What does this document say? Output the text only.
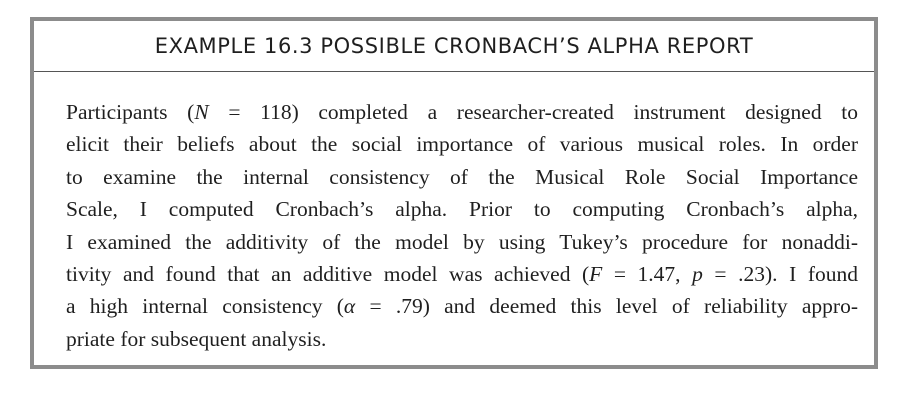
EXAMPLE 16.3 POSSIBLE CRONBACH’S ALPHA REPORT
Participants (N = 118) completed a researcher-created instrument designed to
elicit their beliefs about the social importance of various musical roles. In order
to examine the internal consistency of the Musical Role Social Importance
Scale, I computed Cronbach’s alpha. Prior to computing Cronbach’s alpha,
I examined the additivity of the model by using Tukey’s procedure for nonaddi-
tivity and found that an additive model was achieved (F = 1.47, p = .23). I found
a high internal consistency (α = .79) and deemed this level of reliability appro-
priate for subsequent analysis.
